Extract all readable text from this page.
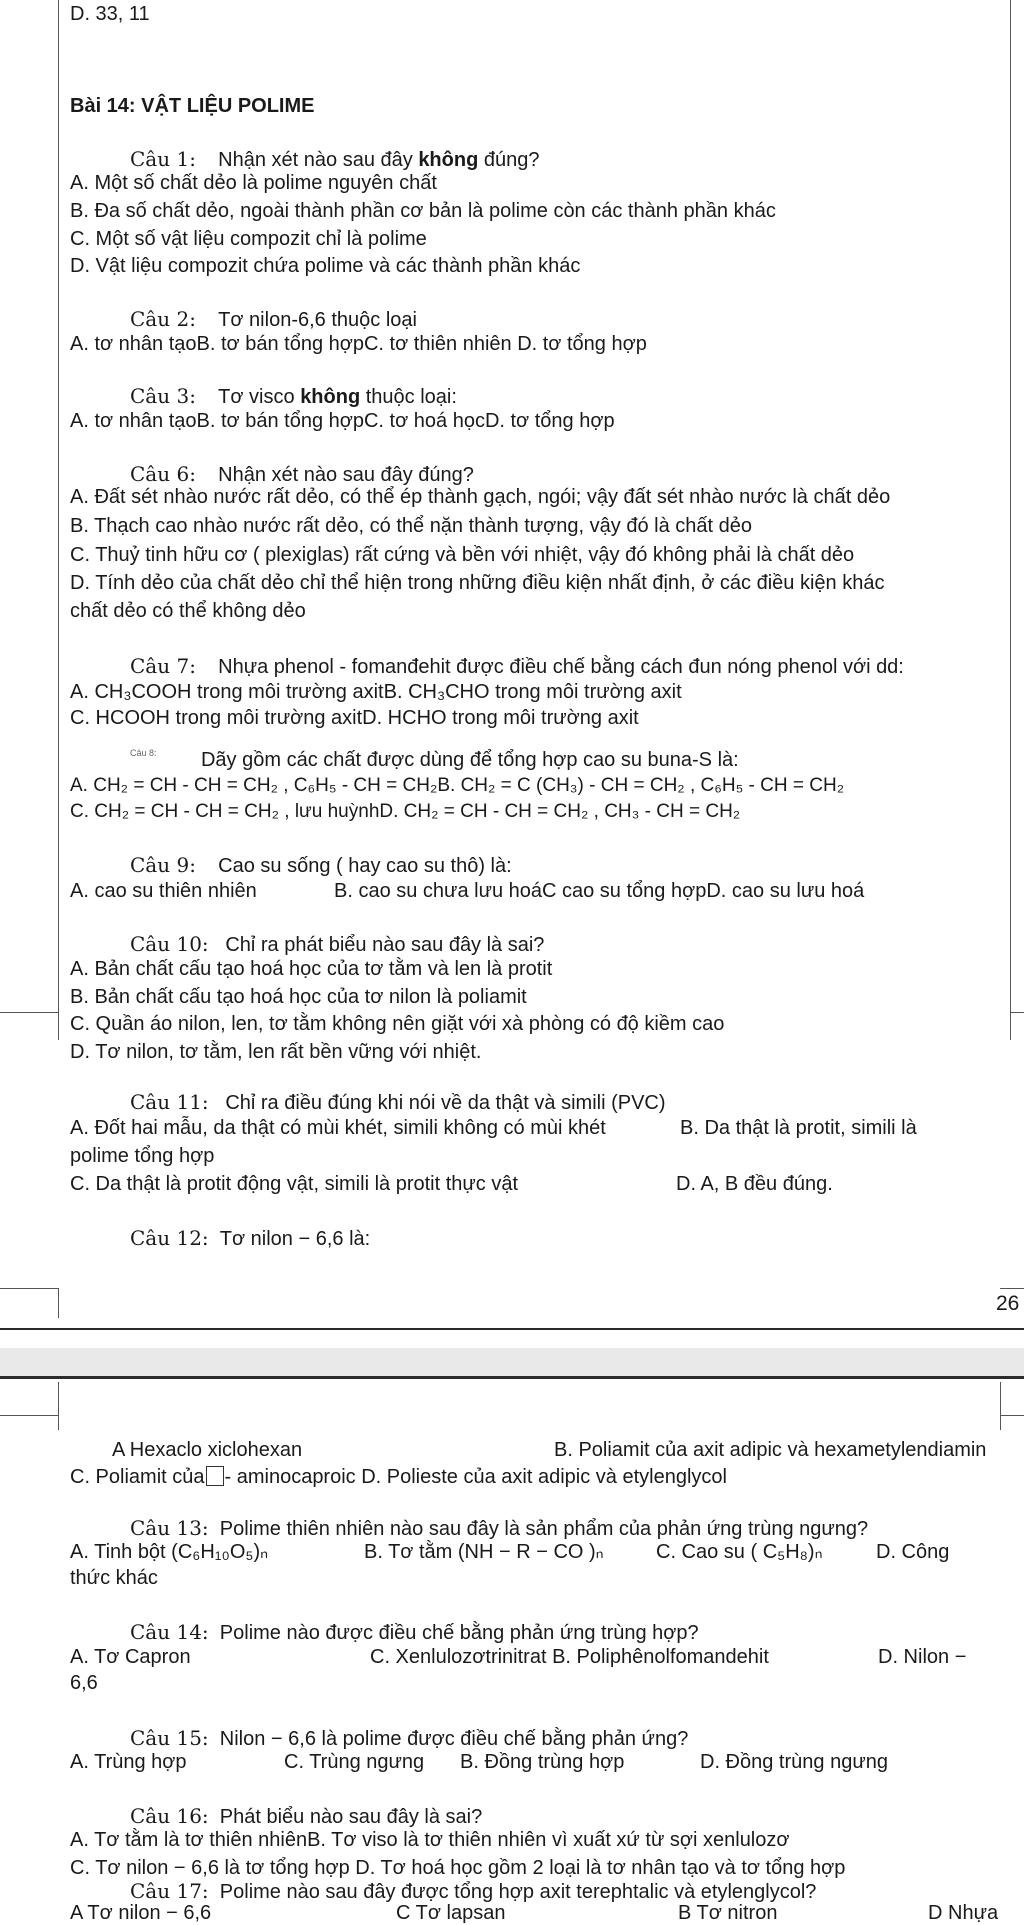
D. 33, 11
Bài 14: VẬT LIỆU POLIME
Câu 1: Nhận xét nào sau đây không đúng?
A. Một số chất dẻo là polime nguyên chất
B. Đa số chất dẻo, ngoài thành phần cơ bản là polime còn các thành phần khác
C. Một số vật liệu compozit chỉ là polime
D. Vật liệu compozit chứa polime và các thành phần khác
Câu 2: Tơ nilon-6,6 thuộc loại
A. tơ nhân tạoB. tơ bán tổng hợpC. tơ thiên nhiên D. tơ tổng hợp
Câu 3: Tơ visco không thuộc loại:
A. tơ nhân tạoB. tơ bán tổng hợpC. tơ hoá họcD. tơ tổng hợp
Câu 6: Nhận xét nào sau đây đúng?
A. Đất sét nhào nước rất dẻo, có thể ép thành gạch, ngói; vậy đất sét nhào nước là chất dẻo
B. Thạch cao nhào nước rất dẻo, có thể nặn thành tượng, vậy đó là chất dẻo
C. Thuỷ tinh hữu cơ ( plexiglas) rất cứng và bền với nhiệt, vậy đó không phải là chất dẻo
D. Tính dẻo của chất dẻo chỉ thể hiện trong những điều kiện nhất định, ở các điều kiện khác
chất dẻo có thể không dẻo
Câu 7: Nhựa phenol - fomanđehit được điều chế bằng cách đun nóng phenol với dd:
A. CH₃COOH trong môi trường axitB. CH₃CHO trong môi trường axit
C. HCOOH trong môi trường axitD. HCHO trong môi trường axit
$^{Câu 8:}$ Dãy gồm các chất được dùng để tổng hợp cao su buna-S là:
A. CH₂ = CH - CH = CH₂ , C₆H₅ - CH = CH₂B. CH₂ = C (CH₃) - CH = CH₂ , C₆H₅ - CH = CH₂
C. CH₂ = CH - CH = CH₂ , lưu huỳnhD. CH₂ = CH - CH = CH₂ , CH₃ - CH = CH₂
Câu 9: Cao su sống ( hay cao su thô) là:
A. cao su thiên nhiên	B. cao su chưa lưu hoáC cao su tổng hợpD. cao su lưu hoá
Câu 10: Chỉ ra phát biểu nào sau đây là sai?
A. Bản chất cấu tạo hoá học của tơ tằm và len là protit
B. Bản chất cấu tạo hoá học của tơ nilon là poliamit
C. Quần áo nilon, len, tơ tằm không nên giặt với xà phòng có độ kiềm cao
D. Tơ nilon, tơ tằm, len rất bền vững với nhiệt.
Câu 11: Chỉ ra điều đúng khi nói về da thật và simili (PVC)
A. Đốt hai mẫu, da thật có mùi khét, simili không có mùi khét	B. Da thật là protit, simili là
polime tổng hợp
C. Da thật là protit động vật, simili là protit thực vật	D. A, B đều đúng.
Câu 12: Tơ nilon − 6,6 là:
26
A Hexaclo xiclohexan	B. Poliamit của axit adipic và hexametylendiamin
C. Poliamit của - aminocaproic D. Polieste của axit adipic và etylenglycol
Câu 13: Polime thiên nhiên nào sau đây là sản phẩm của phản ứng trùng ngưng?
A. Tinh bột (C₆H₁₀O₅)ₙ	B. Tơ tằm (NH − R − CO )ₙ	C. Cao su ( C₅H₈)ₙ	D. Công
thức khác
Câu 14: Polime nào được điều chế bằng phản ứng trùng hợp?
A. Tơ Capron	C. Xenlulozơtrinitrat B. Poliphênolfomandehit	D. Nilon −
6,6
Câu 15: Nilon − 6,6 là polime được điều chế bằng phản ứng?
A. Trùng hợp	C. Trùng ngưng B. Đồng trùng hợp	D. Đồng trùng ngưng
Câu 16: Phát biểu nào sau đây là sai?
A. Tơ tằm là tơ thiên nhiênB. Tơ viso là tơ thiên nhiên vì xuất xứ từ sợi xenlulozơ
C. Tơ nilon − 6,6 là tơ tổng hợp D. Tơ hoá học gồm 2 loại là tơ nhân tạo và tơ tổng hợp
Câu 17: Polime nào sau đây được tổng hợp axit terephtalic và etylenglycol?
A Tơ nilon − 6,6	C Tơ lapsan	B Tơ nitron	D Nhựa
